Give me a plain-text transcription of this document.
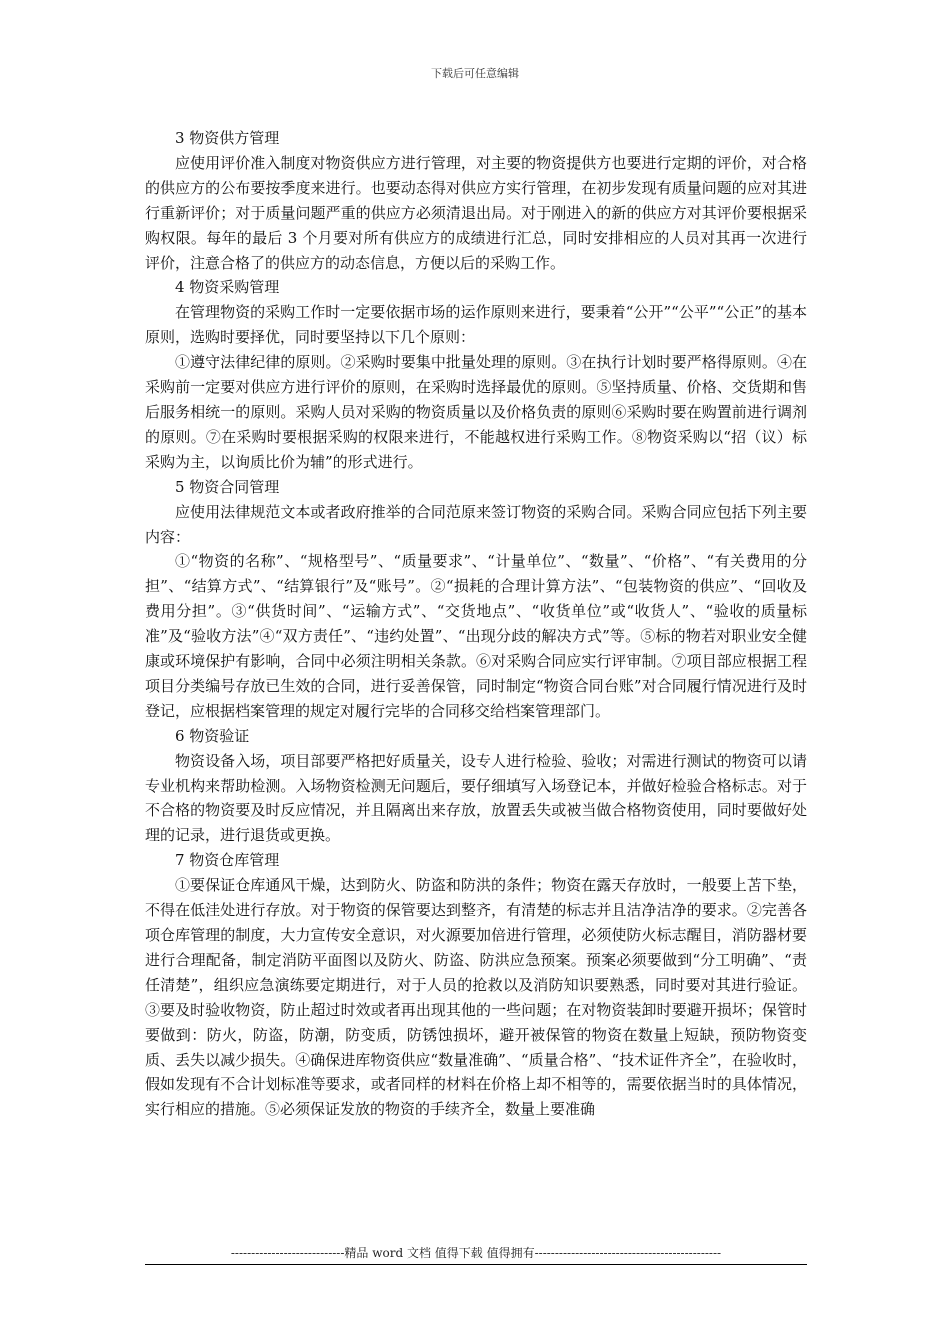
下载后可任意编辑

3 物资供方管理

应使用评价准入制度对物资供应方进行管理，对主要的物资提供方也要进行定期的评价，对合格的供应方的公布要按季度来进行。也要动态得对供应方实行管理，在初步发现有质量问题的应对其进行重新评价；对于质量问题严重的供应方必须清退出局。对于刚进入的新的供应方对其评价要根据采购权限。每年的最后 3 个月要对所有供应方的成绩进行汇总，同时安排相应的人员对其再一次进行评价，注意合格了的供应方的动态信息，方便以后的采购工作。

4 物资采购管理

在管理物资的采购工作时一定要依据市场的运作原则来进行，要秉着“公开”“公平”“公正”的基本原则，选购时要择优，同时要坚持以下几个原则：

①遵守法律纪律的原则。②采购时要集中批量处理的原则。③在执行计划时要严格得原则。④在采购前一定要对供应方进行评价的原则，在采购时选择最优的原则。⑤坚持质量、价格、交货期和售后服务相统一的原则。采购人员对采购的物资质量以及价格负责的原则⑥采购时要在购置前进行调剂的原则。⑦在采购时要根据采购的权限来进行，不能越权进行采购工作。⑧物资采购以“招（议）标采购为主，以询质比价为辅”的形式进行。

5 物资合同管理

应使用法律规范文本或者政府推举的合同范原来签订物资的采购合同。采购合同应包括下列主要内容：

①“物资的名称”、“规格型号”、“质量要求”、“计量单位”、“数量”、“价格”、“有关费用的分担”、“结算方式”、“结算银行”及“账号”。②“损耗的合理计算方法”、“包装物资的供应”、“回收及费用分担”。③“供货时间”、“运输方式”、“交货地点”、“收货单位”或“收货人”、“验收的质量标准”及“验收方法”④“双方责任”、“违约处置”、“出现分歧的解决方式”等。⑤标的物若对职业安全健康或环境保护有影响，合同中必须注明相关条款。⑥对采购合同应实行评审制。⑦项目部应根据工程项目分类编号存放已生效的合同，进行妥善保管，同时制定“物资合同台账”对合同履行情况进行及时登记，应根据档案管理的规定对履行完毕的合同移交给档案管理部门。

6 物资验证

物资设备入场，项目部要严格把好质量关，设专人进行检验、验收；对需进行测试的物资可以请专业机构来帮助检测。入场物资检测无问题后，要仔细填写入场登记本，并做好检验合格标志。对于不合格的物资要及时反应情况，并且隔离出来存放，放置丢失或被当做合格物资使用，同时要做好处理的记录，进行退货或更换。

7 物资仓库管理

①要保证仓库通风干燥，达到防火、防盗和防洪的条件；物资在露天存放时，一般要上苫下垫，不得在低洼处进行存放。对于物资的保管要达到整齐，有清楚的标志并且洁净洁净的要求。②完善各项仓库管理的制度，大力宣传安全意识，对火源要加倍进行管理，必须使防火标志醒目，消防器材要进行合理配备，制定消防平面图以及防火、防盗、防洪应急预案。预案必须要做到“分工明确”、“责任清楚”，组织应急演练要定期进行，对于人员的抢救以及消防知识要熟悉，同时要对其进行验证。③要及时验收物资，防止超过时效或者再出现其他的一些问题；在对物资装卸时要避开损坏；保管时要做到：防火，防盗，防潮，防变质，防锈蚀损坏，避开被保管的物资在数量上短缺，预防物资变质、丢失以减少损失。④确保进库物资供应“数量准确”、“质量合格”、“技术证件齐全”，在验收时，假如发现有不合计划标准等要求，或者同样的材料在价格上却不相等的，需要依据当时的具体情况，实行相应的措施。⑤必须保证发放的物资的手续齐全，数量上要准确

----------------------------精品 word 文档 值得下载 值得拥有----------------------------------------------
